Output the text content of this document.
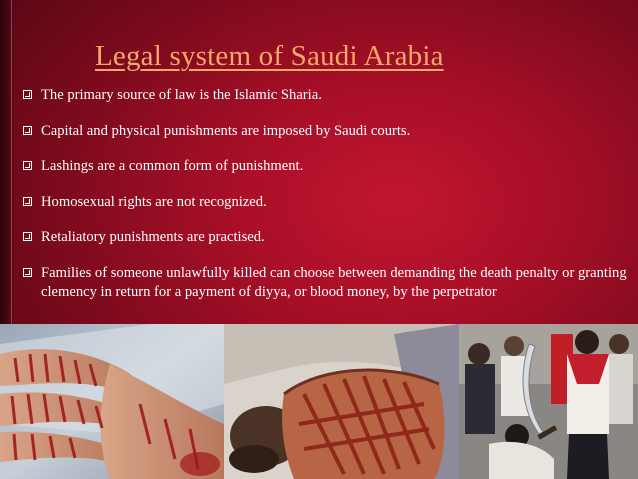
Legal system of Saudi Arabia
The primary source of law is the Islamic Sharia.
Capital and physical punishments are imposed by Saudi courts.
Lashings are a common form of punishment.
Homosexual rights are not recognized.
Retaliatory punishments are practised.
Families of someone unlawfully killed can choose between demanding the death penalty or granting clemency in return for a payment of diyya, or blood money, by the perpetrator
